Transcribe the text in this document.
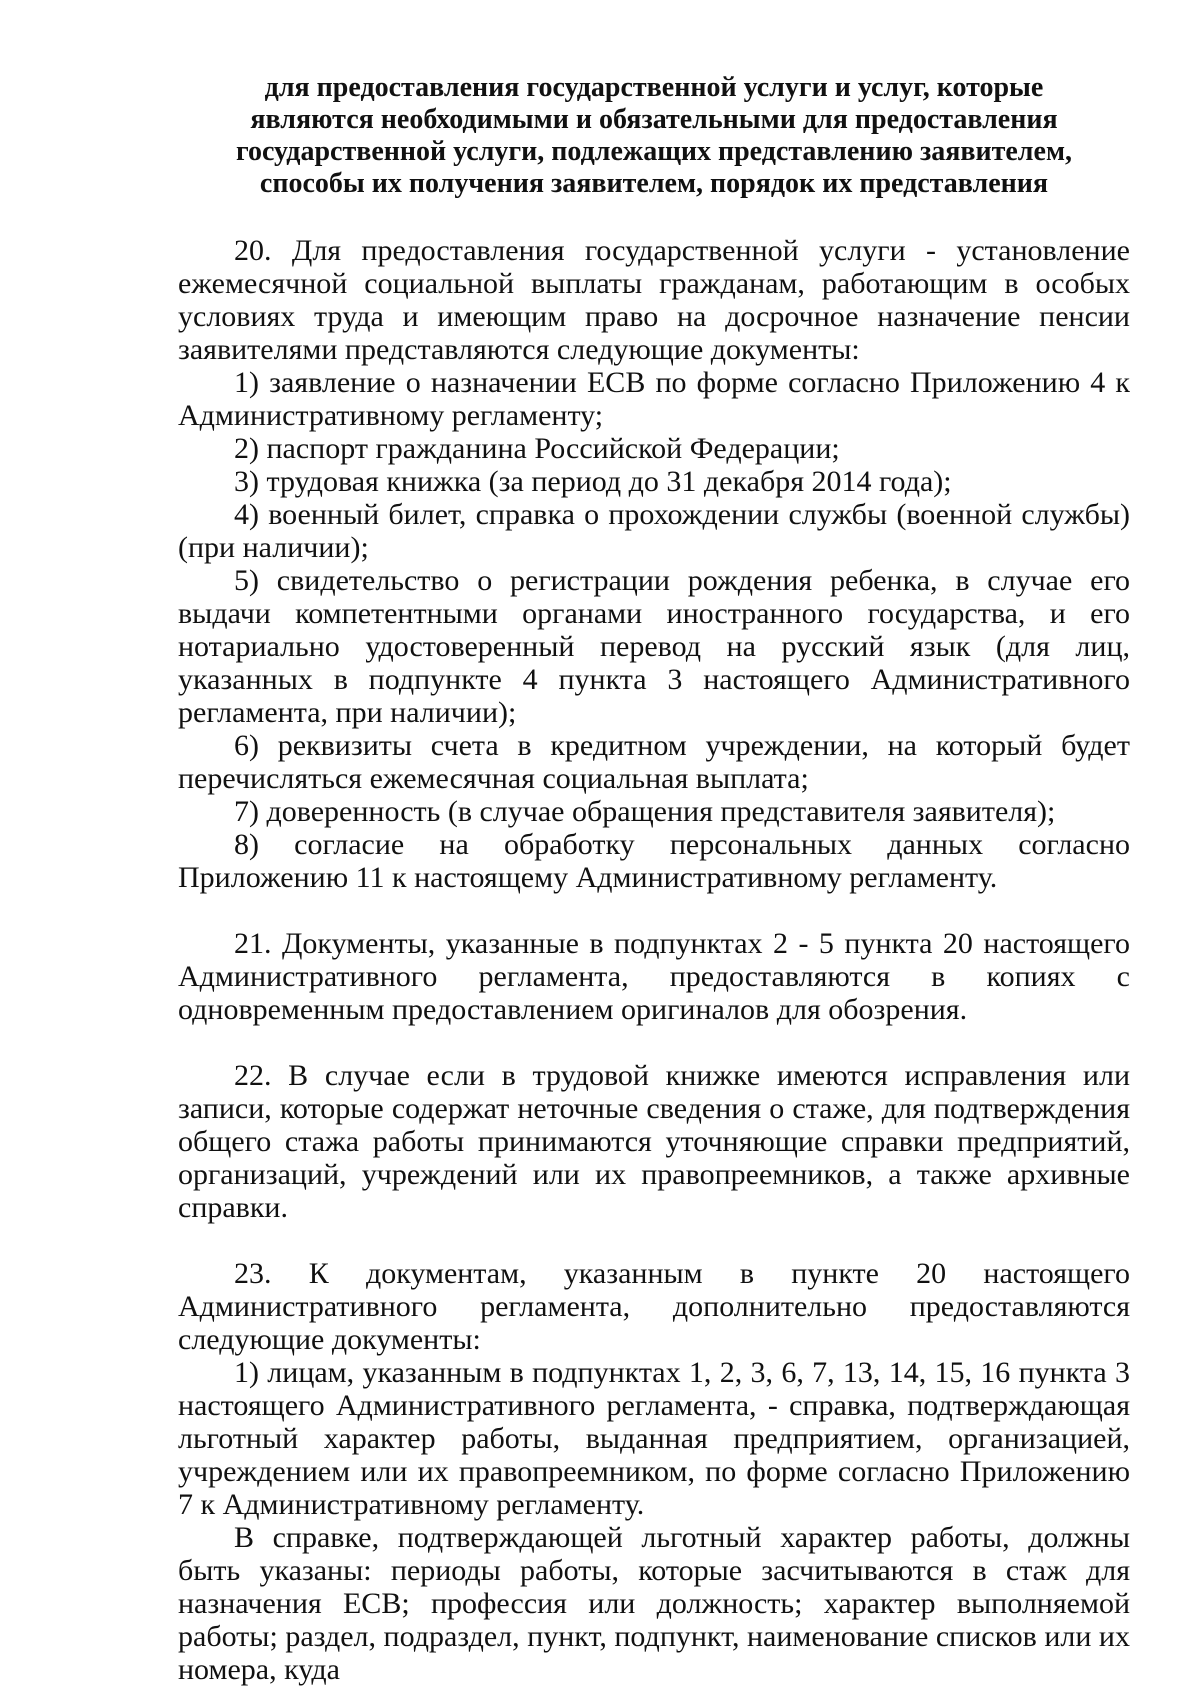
для предоставления государственной услуги и услуг, которые
являются необходимыми и обязательными для предоставления
государственной услуги, подлежащих представлению заявителем,
способы их получения заявителем, порядок их представления

20. Для предоставления государственной услуги - установление ежемесячной социальной выплаты гражданам, работающим в особых условиях труда и имеющим право на досрочное назначение пенсии заявителями представляются следующие документы:

1) заявление о назначении ЕСВ по форме согласно Приложению 4 к Административному регламенту;

2) паспорт гражданина Российской Федерации;

3) трудовая книжка (за период до 31 декабря 2014 года);

4) военный билет, справка о прохождении службы (военной службы) (при наличии);

5) свидетельство о регистрации рождения ребенка, в случае его выдачи компетентными органами иностранного государства, и его нотариально удостоверенный перевод на русский язык (для лиц, указанных в подпункте 4 пункта 3 настоящего Административного регламента, при наличии);

6) реквизиты счета в кредитном учреждении, на который будет перечисляться ежемесячная социальная выплата;

7) доверенность (в случае обращения представителя заявителя);

8) согласие на обработку персональных данных согласно Приложению 11 к настоящему Административному регламенту.

21. Документы, указанные в подпунктах 2 - 5 пункта 20 настоящего Административного регламента, предоставляются в копиях с одновременным предоставлением оригиналов для обозрения.

22. В случае если в трудовой книжке имеются исправления или записи, которые содержат неточные сведения о стаже, для подтверждения общего стажа работы принимаются уточняющие справки предприятий, организаций, учреждений или их правопреемников, а также архивные справки.

23. К документам, указанным в пункте 20 настоящего Административного регламента, дополнительно предоставляются следующие документы:

1) лицам, указанным в подпунктах 1, 2, 3, 6, 7, 13, 14, 15, 16 пункта 3 настоящего Административного регламента, - справка, подтверждающая льготный характер работы, выданная предприятием, организацией, учреждением или их правопреемником, по форме согласно Приложению 7 к Административному регламенту.

В справке, подтверждающей льготный характер работы, должны быть указаны: периоды работы, которые засчитываются в стаж для назначения ЕСВ; профессия или должность; характер выполняемой работы; раздел, подраздел, пункт, подпункт, наименование списков или их номера, куда
